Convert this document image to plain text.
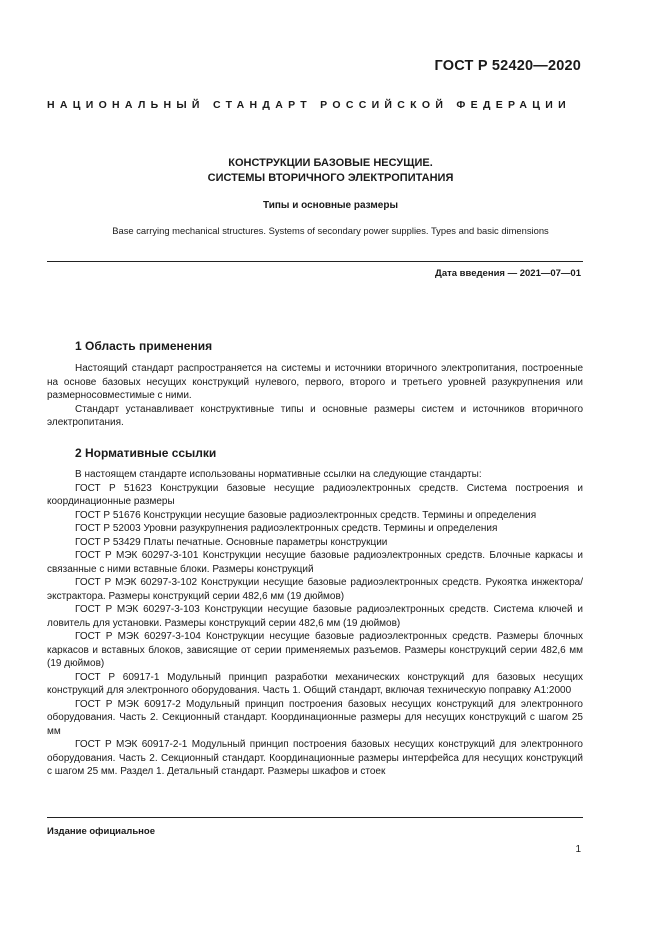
ГОСТ Р 52420—2020
НАЦИОНАЛЬНЫЙ СТАНДАРТ РОССИЙСКОЙ ФЕДЕРАЦИИ
КОНСТРУКЦИИ БАЗОВЫЕ НЕСУЩИЕ.
СИСТЕМЫ ВТОРИЧНОГО ЭЛЕКТРОПИТАНИЯ
Типы и основные размеры
Base carrying mechanical structures. Systems of secondary power supplies. Types and basic dimensions
Дата введения — 2021—07—01
1 Область применения

Настоящий стандарт распространяется на системы и источники вторичного электропитания, построенные на основе базовых несущих конструкций нулевого, первого, второго и третьего уровней разукрупнения или размерносовместимые с ними.

Стандарт устанавливает конструктивные типы и основные размеры систем и источников вторичного электропитания.

2 Нормативные ссылки

В настоящем стандарте использованы нормативные ссылки на следующие стандарты:

ГОСТ Р 51623 Конструкции базовые несущие радиоэлектронных средств. Система построения и координационные размеры

ГОСТ Р 51676 Конструкции несущие базовые радиоэлектронных средств. Термины и определения

ГОСТ Р 52003 Уровни разукрупнения радиоэлектронных средств. Термины и определения

ГОСТ Р 53429 Платы печатные. Основные параметры конструкции

ГОСТ Р МЭК 60297-3-101 Конструкции несущие базовые радиоэлектронных средств. Блочные каркасы и связанные с ними вставные блоки. Размеры конструкций

ГОСТ Р МЭК 60297-3-102 Конструкции несущие базовые радиоэлектронных средств. Рукоятка инжектора/экстрактора. Размеры конструкций серии 482,6 мм (19 дюймов)

ГОСТ Р МЭК 60297-3-103 Конструкции несущие базовые радиоэлектронных средств. Система ключей и ловитель для установки. Размеры конструкций серии 482,6 мм (19 дюймов)

ГОСТ Р МЭК 60297-3-104 Конструкции несущие базовые радиоэлектронных средств. Размеры блочных каркасов и вставных блоков, зависящие от серии применяемых разъемов. Размеры конструкций серии 482,6 мм (19 дюймов)

ГОСТ Р 60917-1 Модульный принцип разработки механических конструкций для базовых несущих конструкций для электронного оборудования. Часть 1. Общий стандарт, включая техническую поправку A1:2000

ГОСТ Р МЭК 60917-2 Модульный принцип построения базовых несущих конструкций для электронного оборудования. Часть 2. Секционный стандарт. Координационные размеры для несущих конструкций с шагом 25 мм

ГОСТ Р МЭК 60917-2-1 Модульный принцип построения базовых несущих конструкций для электронного оборудования. Часть 2. Секционный стандарт. Координационные размеры интерфейса для несущих конструкций с шагом 25 мм. Раздел 1. Детальный стандарт. Размеры шкафов и стоек

Издание официальное
1
